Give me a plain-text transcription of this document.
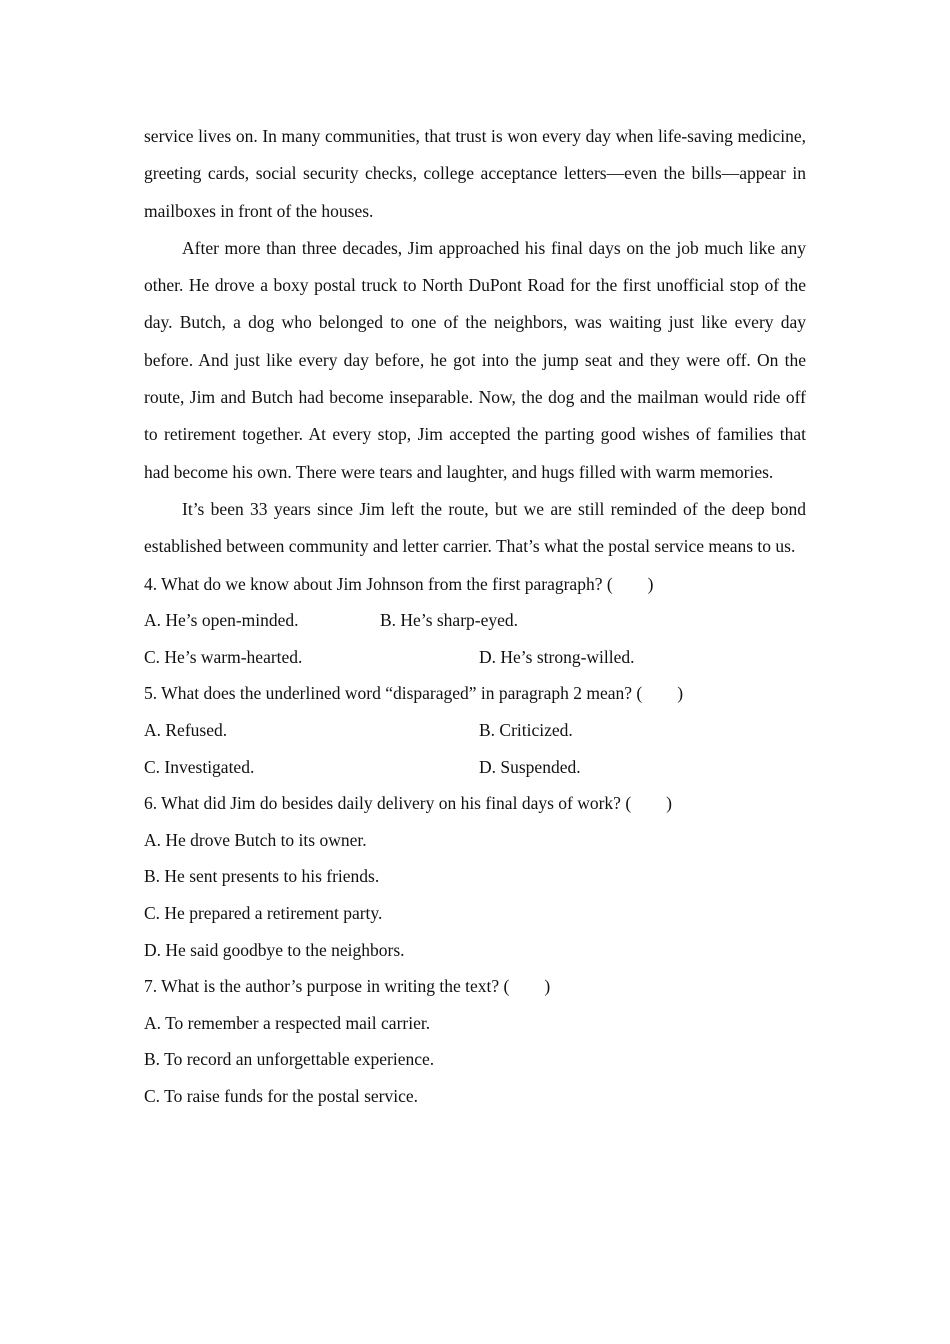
service lives on. In many communities, that trust is won every day when life-saving medicine, greeting cards, social security checks, college acceptance letters—even the bills—appear in mailboxes in front of the houses.

After more than three decades, Jim approached his final days on the job much like any other. He drove a boxy postal truck to North DuPont Road for the first unofficial stop of the day. Butch, a dog who belonged to one of the neighbors, was waiting just like every day before. And just like every day before, he got into the jump seat and they were off. On the route, Jim and Butch had become inseparable. Now, the dog and the mailman would ride off to retirement together. At every stop, Jim accepted the parting good wishes of families that had become his own. There were tears and laughter, and hugs filled with warm memories.

It’s been 33 years since Jim left the route, but we are still reminded of the deep bond established between community and letter carrier. That’s what the postal service means to us.

4. What do we know about Jim Johnson from the first paragraph? (　　)

A. He’s open-minded.	B. He’s sharp-eyed.
C. He’s warm-hearted.	D. He’s strong-willed.

5. What does the underlined word “disparaged” in paragraph 2 mean? (　　)

A. Refused.	B. Criticized.
C. Investigated.	D. Suspended.

6. What did Jim do besides daily delivery on his final days of work? (　　)

A. He drove Butch to its owner.

B. He sent presents to his friends.

C. He prepared a retirement party.

D. He said goodbye to the neighbors.

7. What is the author’s purpose in writing the text? (　　)

A. To remember a respected mail carrier.

B. To record an unforgettable experience.

C. To raise funds for the postal service.
